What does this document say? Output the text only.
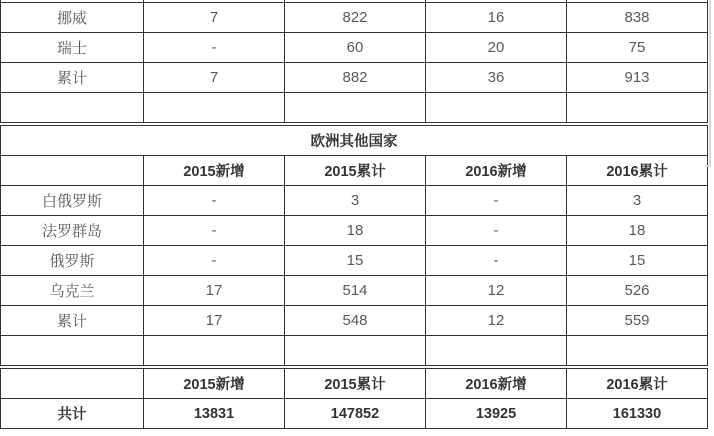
挪威	7	822	16	838
瑞士	-	60	20	75
累计	7	882	36	913

欧洲其他国家				
	2015新增	2015累计	2016新增	2016累计
白俄罗斯	-	3	-	3
法罗群岛	-	18	-	18
俄罗斯	-	15	-	15
乌克兰	17	514	12	526
累计	17	548	12	559

	2015新增	2015累计	2016新增	2016累计
共计	13831	147852	13925	161330
